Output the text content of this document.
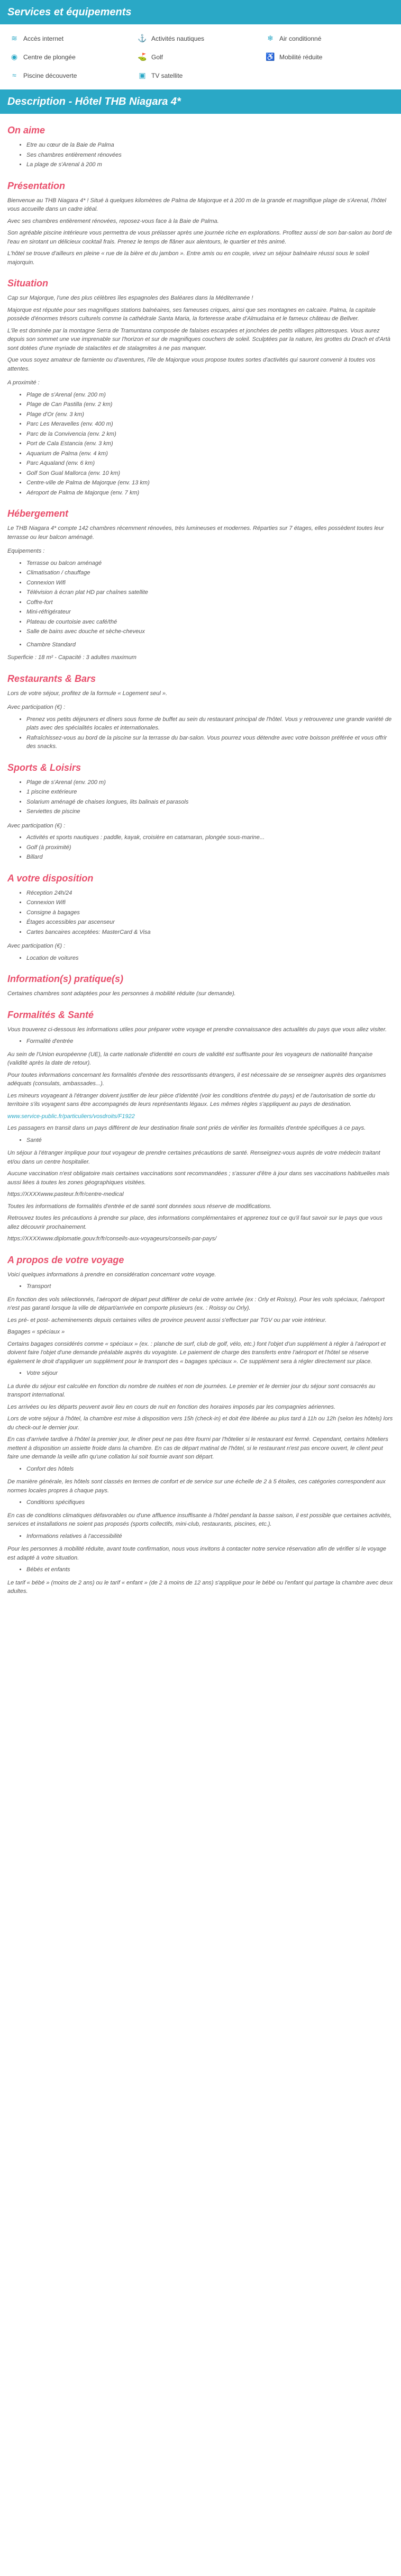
Services et équipements
≋ Accès internet	⚓ Activités nautiques	❄ Air conditionné
◉ Centre de plongée	⛳ Golf	♿ Mobilité réduite
≈	Piscine découverte	▣ TV satellite
Description - Hôtel THB Niagara 4*
On aime
• Etre au cœur de la Baie de Palma
• Ses chambres entièrement rénovées
• La plage de s'Arenal à 200 m
Présentation

Bienvenue au THB Niagara 4* ! Situé à quelques kilomètres de Palma de Majorque et à 200 m de la grande et magnifique plage de s'Arenal, l'hôtel vous accueille dans un cadre idéal.

Avec ses chambres entièrement rénovées, reposez-vous face à la Baie de Palma.

Son agréable piscine intérieure vous permettra de vous prélasser après une journée riche en explorations. Profitez aussi de son bar-salon au bord de l'eau en sirotant un délicieux cocktail frais. Prenez le temps de flâner aux alentours, le quartier et très animé.

L'hôtel se trouve d'ailleurs en pleine « rue de la bière et du jambon ». Entre amis ou en couple, vivez un séjour balnéaire réussi sous le soleil majorquin.

Situation

Cap sur Majorque, l'une des plus célèbres îles espagnoles des Baléares dans la Méditerranée !

Majorque est réputée pour ses magnifiques stations balnéaires, ses fameuses criques, ainsi que ses montagnes en calcaire. Palma, la capitale possède d'énormes trésors culturels comme la cathédrale Santa Maria, la forteresse arabe d'Almudaina et le fameux château de Bellver.

L'île est dominée par la montagne Serra de Tramuntana composée de falaises escarpées et jonchées de petits villages pittoresques. Vous aurez depuis son sommet une vue imprenable sur l'horizon et sur de magnifiques couchers de soleil. Sculptées par la nature, les grottes du Drach et d'Artà sont dotées d'une myriade de stalactites et de stalagmites à ne pas manquer.

Que vous soyez amateur de farniente ou d'aventures, l'île de Majorque vous propose toutes sortes d'activités qui sauront convenir à toutes vos attentes.

A proximité :

• Plage de s'Arenal (env. 200 m)
• Plage de Can Pastilla (env. 2 km)
• Plage d'Or (env. 3 km)
• Parc Les Meravelles (env. 400 m)
• Parc de la Convivencia (env. 2 km)
• Port de Cala Estancia (env. 3 km)
• Aquarium de Palma (env. 4 km)
• Parc Aqualand (env. 6 km)
• Golf Son Gual Mallorca (env. 10 km)
• Centre-ville de Palma de Majorque (env. 13 km)
• Aéroport de Palma de Majorque (env. 7 km)
Hébergement

Le THB Niagara 4* compte 142 chambres récemment rénovées, très lumineuses et modernes. Réparties sur 7 étages, elles possèdent toutes leur terrasse ou leur balcon aménagé.

Equipements :

• Terrasse ou balcon aménagé
• Climatisation / chauffage
• Connexion Wifi
• Télévision à écran plat HD par chaînes satellite
• Coffre-fort
• Mini-réfrigérateur
• Plateau de courtoisie avec café/thé
• Salle de bains avec douche et sèche-cheveux
• Chambre Standard

Superficie : 18 m² - Capacité : 3 adultes maximum

Restaurants & Bars

Lors de votre séjour, profitez de la formule « Logement seul ».

Avec participation (€) :

• Prenez vos petits déjeuners et dîners sous forme de buffet au sein du restaurant principal de l'hôtel. Vous y retrouverez une grande variété de plats avec des spécialités locales et internationales.
• Rafraîchissez-vous au bord de la piscine sur la terrasse du bar-salon. Vous pourrez vous détendre avec votre boisson préférée et vous offrir des snacks.
Sports & Loisirs
• Plage de s'Arenal (env. 200 m)
• 1 piscine extérieure
• Solarium aménagé de chaises longues, lits balinais et parasols
• Serviettes de piscine

Avec participation (€) :

• Activités et sports nautiques : paddle, kayak, croisière en catamaran, plongée sous-marine...
• Golf (à proximité)
• Billard
A votre disposition
• Réception 24h/24
• Connexion Wifi
• Consigne à bagages
• Étages accessibles par ascenseur
• Cartes bancaires acceptées: MasterCard & Visa

Avec participation (€) :

• Location de voitures
Information(s) pratique(s)

Certaines chambres sont adaptées pour les personnes à mobilité réduite (sur demande).

Formalités & Santé

Vous trouverez ci-dessous les informations utiles pour préparer votre voyage et prendre connaissance des actualités du pays que vous allez visiter.

• Formalité d'entrée

Au sein de l'Union européenne (UE), la carte nationale d'identité en cours de validité est suffisante pour les voyageurs de nationalité française (validité après la date de retour).

Pour toutes informations concernant les formalités d'entrée des ressortissants étrangers, il est nécessaire de se renseigner auprès des organismes adéquats (consulats, ambassades...).

Les mineurs voyageant à l'étranger doivent justifier de leur pièce d'identité (voir les conditions d'entrée du pays) et de l'autorisation de sortie du territoire s'ils voyagent sans être accompagnés de leurs représentants légaux. Les mêmes règles s'appliquent au pays de destination.

www.service-public.fr/particuliers/vosdroits/F1922

Les passagers en transit dans un pays différent de leur destination finale sont priés de vérifier les formalités d'entrée spécifiques à ce pays.

• Santé

Un séjour à l'étranger implique pour tout voyageur de prendre certaines précautions de santé. Renseignez-vous auprès de votre médecin traitant et/ou dans un centre hospitalier.

Aucune vaccination n'est obligatoire mais certaines vaccinations sont recommandées ; s'assurer d'être à jour dans ses vaccinations habituelles mais aussi liées à toutes les zones géographiques visitées.

https://XXXXwww.pasteur.fr/fr/centre-medical

Toutes les informations de formalités d'entrée et de santé sont données sous réserve de modifications.

Retrouvez toutes les précautions à prendre sur place, des informations complémentaires et apprenez tout ce qu'il faut savoir sur le pays que vous allez découvrir prochainement.

https://XXXXwww.diplomatie.gouv.fr/fr/conseils-aux-voyageurs/conseils-par-pays/

A propos de votre voyage

Voici quelques informations à prendre en considération concernant votre voyage.

• Transport

En fonction des vols sélectionnés, l'aéroport de départ peut différer de celui de votre arrivée (ex : Orly et Roissy). Pour les vols spéciaux, l'aéroport n'est pas garanti lorsque la ville de départ/arrivée en comporte plusieurs (ex. : Roissy ou Orly).

Les pré- et post- acheminements depuis certaines villes de province peuvent aussi s'effectuer par TGV ou par voie intérieur.

Bagages « spéciaux »

Certains bagages considérés comme « spéciaux » (ex. : planche de surf, club de golf, vélo, etc.) font l'objet d'un supplément à régler à l'aéroport et doivent faire l'objet d'une demande préalable auprès du voyagiste. Le paiement de charge des transferts entre l'aéroport et l'hôtel se réserve également le droit d'appliquer un supplément pour le transport des « bagages spéciaux ». Ce supplément sera à régler directement sur place.

• Votre séjour

La durée du séjour est calculée en fonction du nombre de nuitées et non de journées. Le premier et le dernier jour du séjour sont consacrés au transport international.

Les arrivées ou les départs peuvent avoir lieu en cours de nuit en fonction des horaires imposés par les compagnies aériennes.

Lors de votre séjour à l'hôtel, la chambre est mise à disposition vers 15h (check-in) et doit être libérée au plus tard à 11h ou 12h (selon les hôtels) lors du check-out le dernier jour.

En cas d'arrivée tardive à l'hôtel la premier jour, le dîner peut ne pas être fourni par l'hôtelier si le restaurant est fermé. Cependant, certains hôteliers mettent à disposition un assiette froide dans la chambre. En cas de départ matinal de l'hôtel, si le restaurant n'est pas encore ouvert, le client peut faire une demande la veille afin qu'une collation lui soit fournie avant son départ.

• Confort des hôtels

De manière générale, les hôtels sont classés en termes de confort et de service sur une échelle de 2 à 5 étoiles, ces catégories correspondent aux normes locales propres à chaque pays.

• Conditions spécifiques

En cas de conditions climatiques défavorables ou d'une affluence insuffisante à l'hôtel pendant la basse saison, il est possible que certaines activités, services et installations ne soient pas proposés (sports collectifs, mini-club, restaurants, piscines, etc.).

• Informations relatives à l'accessibilité

Pour les personnes à mobilité réduite, avant toute confirmation, nous vous invitons à contacter notre service réservation afin de vérifier si le voyage est adapté à votre situation.

• Bébés et enfants

Le tarif « bébé » (moins de 2 ans) ou le tarif « enfant » (de 2 à moins de 12 ans) s'applique pour le bébé ou l'enfant qui partage la chambre avec deux adultes.
